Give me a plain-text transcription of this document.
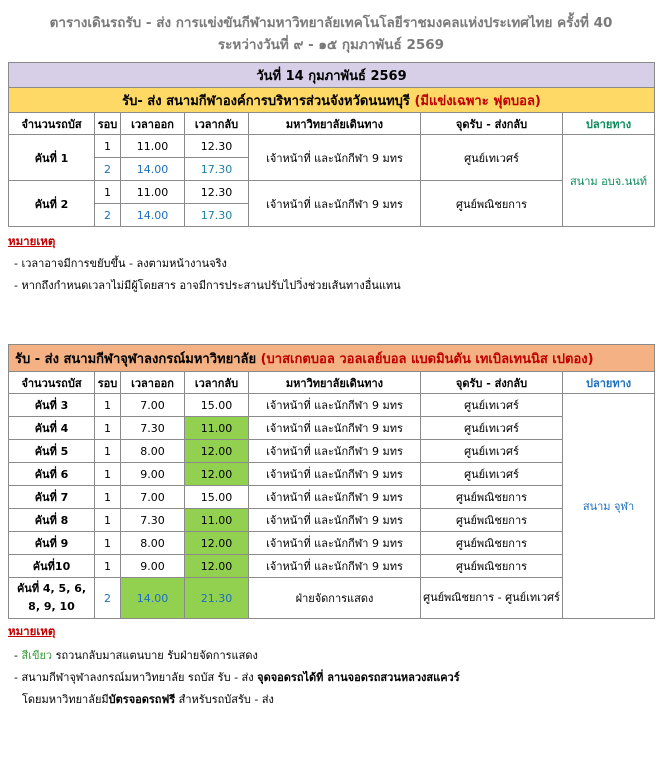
ตารางเดินรถรับ - ส่ง การแข่งขันกีฬามหาวิทยาลัยเทคโนโลยีราชมงคลแห่งประเทศไทย ครั้งที่ 40
ระหว่างวันที่ ๙ - ๑๕ กุมภาพันธ์ 2569
วันที่ 14 กุมภาพันธ์ 2569						
รับ- ส่ง สนามกีฬาองค์การบริหารส่วนจังหวัดนนทบุรี (มีแข่งเฉพาะ ฟุตบอล)						
จำนวนรถบัส	รอบ	เวลาออก	เวลากลับ	มหาวิทยาลัยเดินทาง	จุดรับ - ส่งกลับ	ปลายทาง
คันที่ 1	1	11.00	12.30	เจ้าหน้าที่ และนักกีฬา 9 มทร	ศูนย์เทเวศร์	สนาม อบจ.นนท์
	2	14.00	17.30			
คันที่ 2	1	11.00	12.30	เจ้าหน้าที่ และนักกีฬา 9 มทร	ศูนย์พณิชยการ	
	2	14.00	17.30			
หมายเหตุ
- เวลาอาจมีการขยับขึ้น - ลงตามหน้างานจริง
- หากถึงกำหนดเวลาไม่มีผู้โดยสาร อาจมีการประสานปรับไปวิ่งช่วยเส้นทางอื่นแทน
รับ - ส่ง สนามกีฬาจุฬาลงกรณ์มหาวิทยาลัย (บาสเกตบอล วอลเลย์บอล แบดมินตัน เทเบิลเทนนิส เปตอง)						
จำนวนรถบัส	รอบ	เวลาออก	เวลากลับ	มหาวิทยาลัยเดินทาง	จุดรับ - ส่งกลับ	ปลายทาง
คันที่ 3	1	7.00	15.00	เจ้าหน้าที่ และนักกีฬา 9 มทร	ศูนย์เทเวศร์	สนาม จุฬา
คันที่ 4	1	7.30	11.00	เจ้าหน้าที่ และนักกีฬา 9 มทร	ศูนย์เทเวศร์	
คันที่ 5	1	8.00	12.00	เจ้าหน้าที่ และนักกีฬา 9 มทร	ศูนย์เทเวศร์	
คันที่ 6	1	9.00	12.00	เจ้าหน้าที่ และนักกีฬา 9 มทร	ศูนย์เทเวศร์	
คันที่ 7	1	7.00	15.00	เจ้าหน้าที่ และนักกีฬา 9 มทร	ศูนย์พณิชยการ	
คันที่ 8	1	7.30	11.00	เจ้าหน้าที่ และนักกีฬา 9 มทร	ศูนย์พณิชยการ	
คันที่ 9	1	8.00	12.00	เจ้าหน้าที่ และนักกีฬา 9 มทร	ศูนย์พณิชยการ	
คันที่10	1	9.00	12.00	เจ้าหน้าที่ และนักกีฬา 9 มทร	ศูนย์พณิชยการ	
คันที่ 4, 5, 6, 8, 9, 10	2	14.00	21.30	ฝ่ายจัดการแสดง	ศูนย์พณิชยการ - ศูนย์เทเวศร์	
หมายเหตุ
- สีเขียว รถวนกลับมาสแตนบาย รับฝ่ายจัดการแสดง
- สนามกีฬาจุฬาลงกรณ์มหาวิทยาลัย รถบัส รับ - ส่ง จุดจอดรถได้ที่ ลานจอดรถสวนหลวงสแควร์
โดยมหาวิทยาลัยมีบัตรจอดรถฟรี สำหรับรถบัสรับ - ส่ง
